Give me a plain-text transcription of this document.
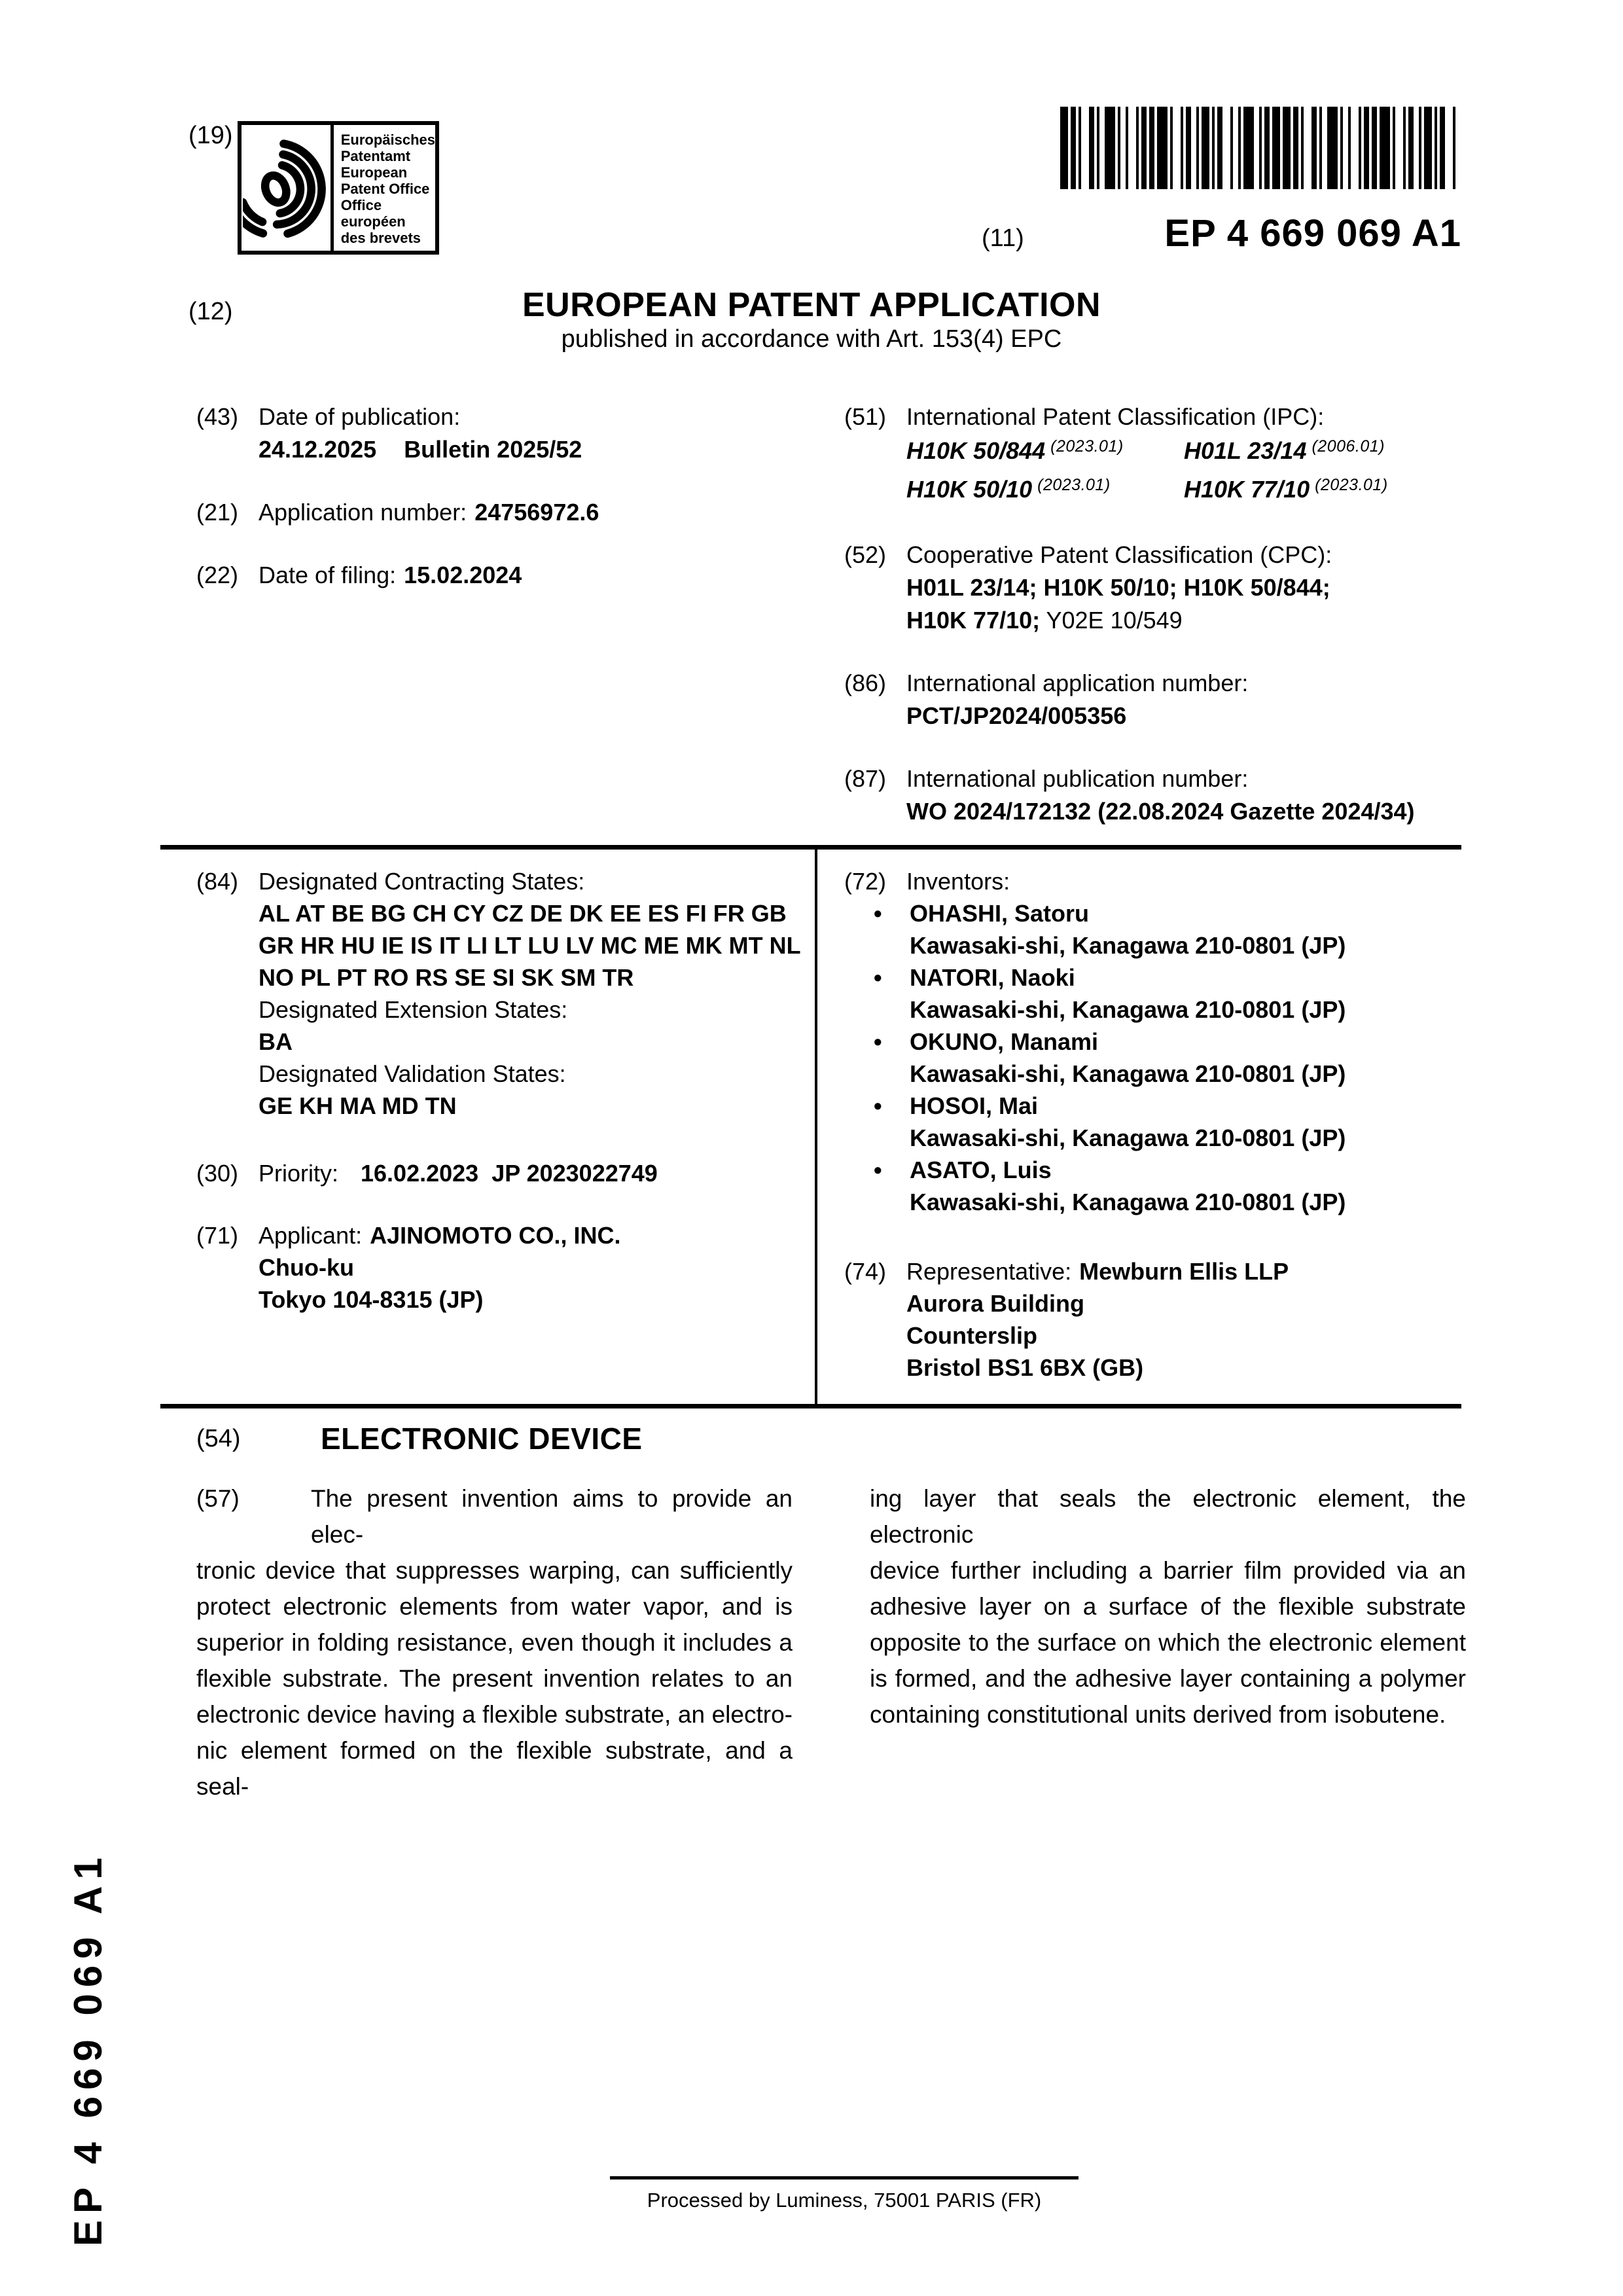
(19)	Europäisches
Patentamt
European
Patent Office
Office européen
des brevets	(11)	EP 4 669 069 A1
(12)	EUROPEAN PATENT APPLICATION
published in accordance with Art. 153(4) EPC
(43) Date of publication:
24.12.2025 Bulletin 2025/52
(21) Application number: 24756972.6
(22) Date of filing: 15.02.2024
(51) International Patent Classification (IPC):
H10K 50/844 $^{(2023.01)}$	H01L 23/14 $^{(2006.01)}$
H10K 50/10 $^{(2023.01)}$	H10K 77/10 $^{(2023.01)}$
(52) Cooperative Patent Classification (CPC):
H01L 23/14; H10K 50/10; H10K 50/844;
H10K 77/10; Y02E 10/549
(86) International application number:
PCT/JP2024/005356
(87) International publication number:
WO 2024/172132 (22.08.2024 Gazette 2024/34)
(84) Designated Contracting States:
AL AT BE BG CH CY CZ DE DK EE ES FI FR GB
GR HR HU IE IS IT LI LT LU LV MC ME MK MT NL
NO PL PT RO RS SE SI SK SM TR
Designated Extension States:
BA
Designated Validation States:
GE KH MA MD TN
(30) Priority: 16.02.2023  JP 2023022749
(71) Applicant: AJINOMOTO CO., INC.
Chuo-ku
Tokyo 104-8315 (JP)
(72) Inventors:
•	OHASHI, Satoru
Kawasaki-shi, Kanagawa 210-0801 (JP)
•	NATORI, Naoki
Kawasaki-shi, Kanagawa 210-0801 (JP)
•	OKUNO, Manami
Kawasaki-shi, Kanagawa 210-0801 (JP)
•	HOSOI, Mai
Kawasaki-shi, Kanagawa 210-0801 (JP)
•	ASATO, Luis
Kawasaki-shi, Kanagawa 210-0801 (JP)
(74) Representative: Mewburn Ellis LLP
Aurora Building
Counterslip
Bristol BS1 6BX (GB)
(54)	ELECTRONIC DEVICE
(57)	The present invention aims to provide an elec-
tronic device that suppresses warping, can sufficiently
protect electronic elements from water vapor, and is
superior in folding resistance, even though it includes a
flexible substrate. The present invention relates to an
electronic device having a flexible substrate, an electro-
nic element formed on the flexible substrate, and a seal-
ing layer that seals the electronic element, the electronic
device further including a barrier film provided via an
adhesive layer on a surface of the flexible substrate
opposite to the surface on which the electronic element
is formed, and the adhesive layer containing a polymer
containing constitutional units derived from isobutene.
EP 4 669 069 A1	Processed by Luminess, 75001 PARIS (FR)
